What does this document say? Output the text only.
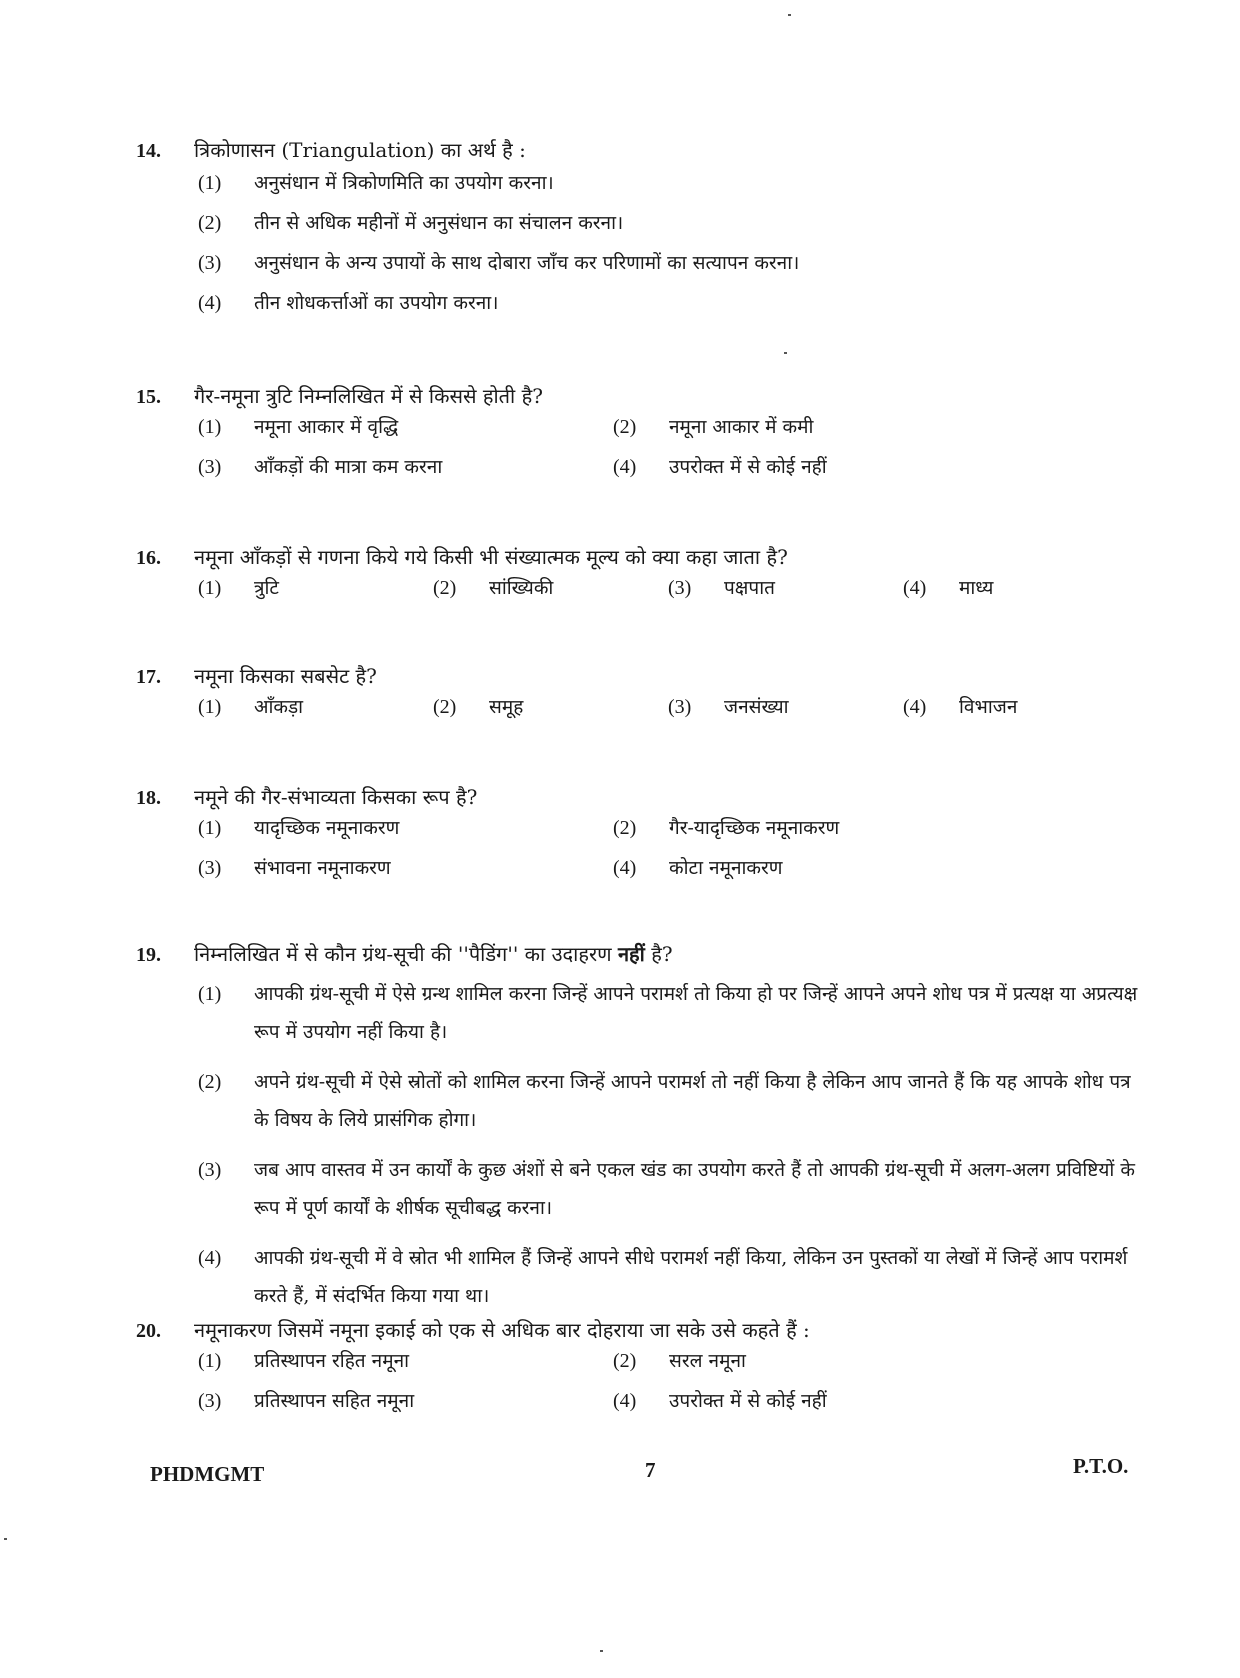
14.	त्रिकोणासन (Triangulation) का अर्थ है :
(1)	अनुसंधान में त्रिकोणमिति का उपयोग करना।
(2)	तीन से अधिक महीनों में अनुसंधान का संचालन करना।
(3)	अनुसंधान के अन्य उपायों के साथ दोबारा जाँच कर परिणामों का सत्यापन करना।
(4)	तीन शोधकर्त्ताओं का उपयोग करना।
15.	गैर-नमूना त्रुटि निम्नलिखित में से किससे होती है?
(1)	नमूना आकार में वृद्धि	(2)	नमूना आकार में कमी
(3)	आँकड़ों की मात्रा कम करना	(4)	उपरोक्त में से कोई नहीं
16.	नमूना आँकड़ों से गणना किये गये किसी भी संख्यात्मक मूल्य को क्या कहा जाता है?
(1)	त्रुटि	(2)	सांख्यिकी	(3)	पक्षपात	(4)	माध्य
17.	नमूना किसका सबसेट है?
(1)	आँकड़ा	(2)	समूह	(3)	जनसंख्या	(4)	विभाजन
18.	नमूने की गैर-संभाव्यता किसका रूप है?
(1)	यादृच्छिक नमूनाकरण	(2)	गैर-यादृच्छिक नमूनाकरण
(3)	संभावना नमूनाकरण	(4)	कोटा नमूनाकरण
19.	निम्नलिखित में से कौन ग्रंथ-सूची की ''पैडिंग'' का उदाहरण नहीं है?
(1)	आपकी ग्रंथ-सूची में ऐसे ग्रन्थ शामिल करना जिन्हें आपने परामर्श तो किया हो पर जिन्हें आपने अपने शोध पत्र में प्रत्यक्ष या अप्रत्यक्ष रूप में उपयोग नहीं किया है।
(2)	अपने ग्रंथ-सूची में ऐसे स्रोतों को शामिल करना जिन्हें आपने परामर्श तो नहीं किया है लेकिन आप जानते हैं कि यह आपके शोध पत्र के विषय के लिये प्रासंगिक होगा।
(3)	जब आप वास्तव में उन कार्यों के कुछ अंशों से बने एकल खंड का उपयोग करते हैं तो आपकी ग्रंथ-सूची में अलग-अलग प्रविष्टियों के रूप में पूर्ण कार्यों के शीर्षक सूचीबद्ध करना।
(4)	आपकी ग्रंथ-सूची में वे स्रोत भी शामिल हैं जिन्हें आपने सीधे परामर्श नहीं किया, लेकिन उन पुस्तकों या लेखों में जिन्हें आप परामर्श करते हैं, में संदर्भित किया गया था।
20.	नमूनाकरण जिसमें नमूना इकाई को एक से अधिक बार दोहराया जा सके उसे कहते हैं :
(1)	प्रतिस्थापन रहित नमूना	(2)	सरल नमूना
(3)	प्रतिस्थापन सहित नमूना	(4)	उपरोक्त में से कोई नहीं
PHDMGMT	7	P.T.O.
